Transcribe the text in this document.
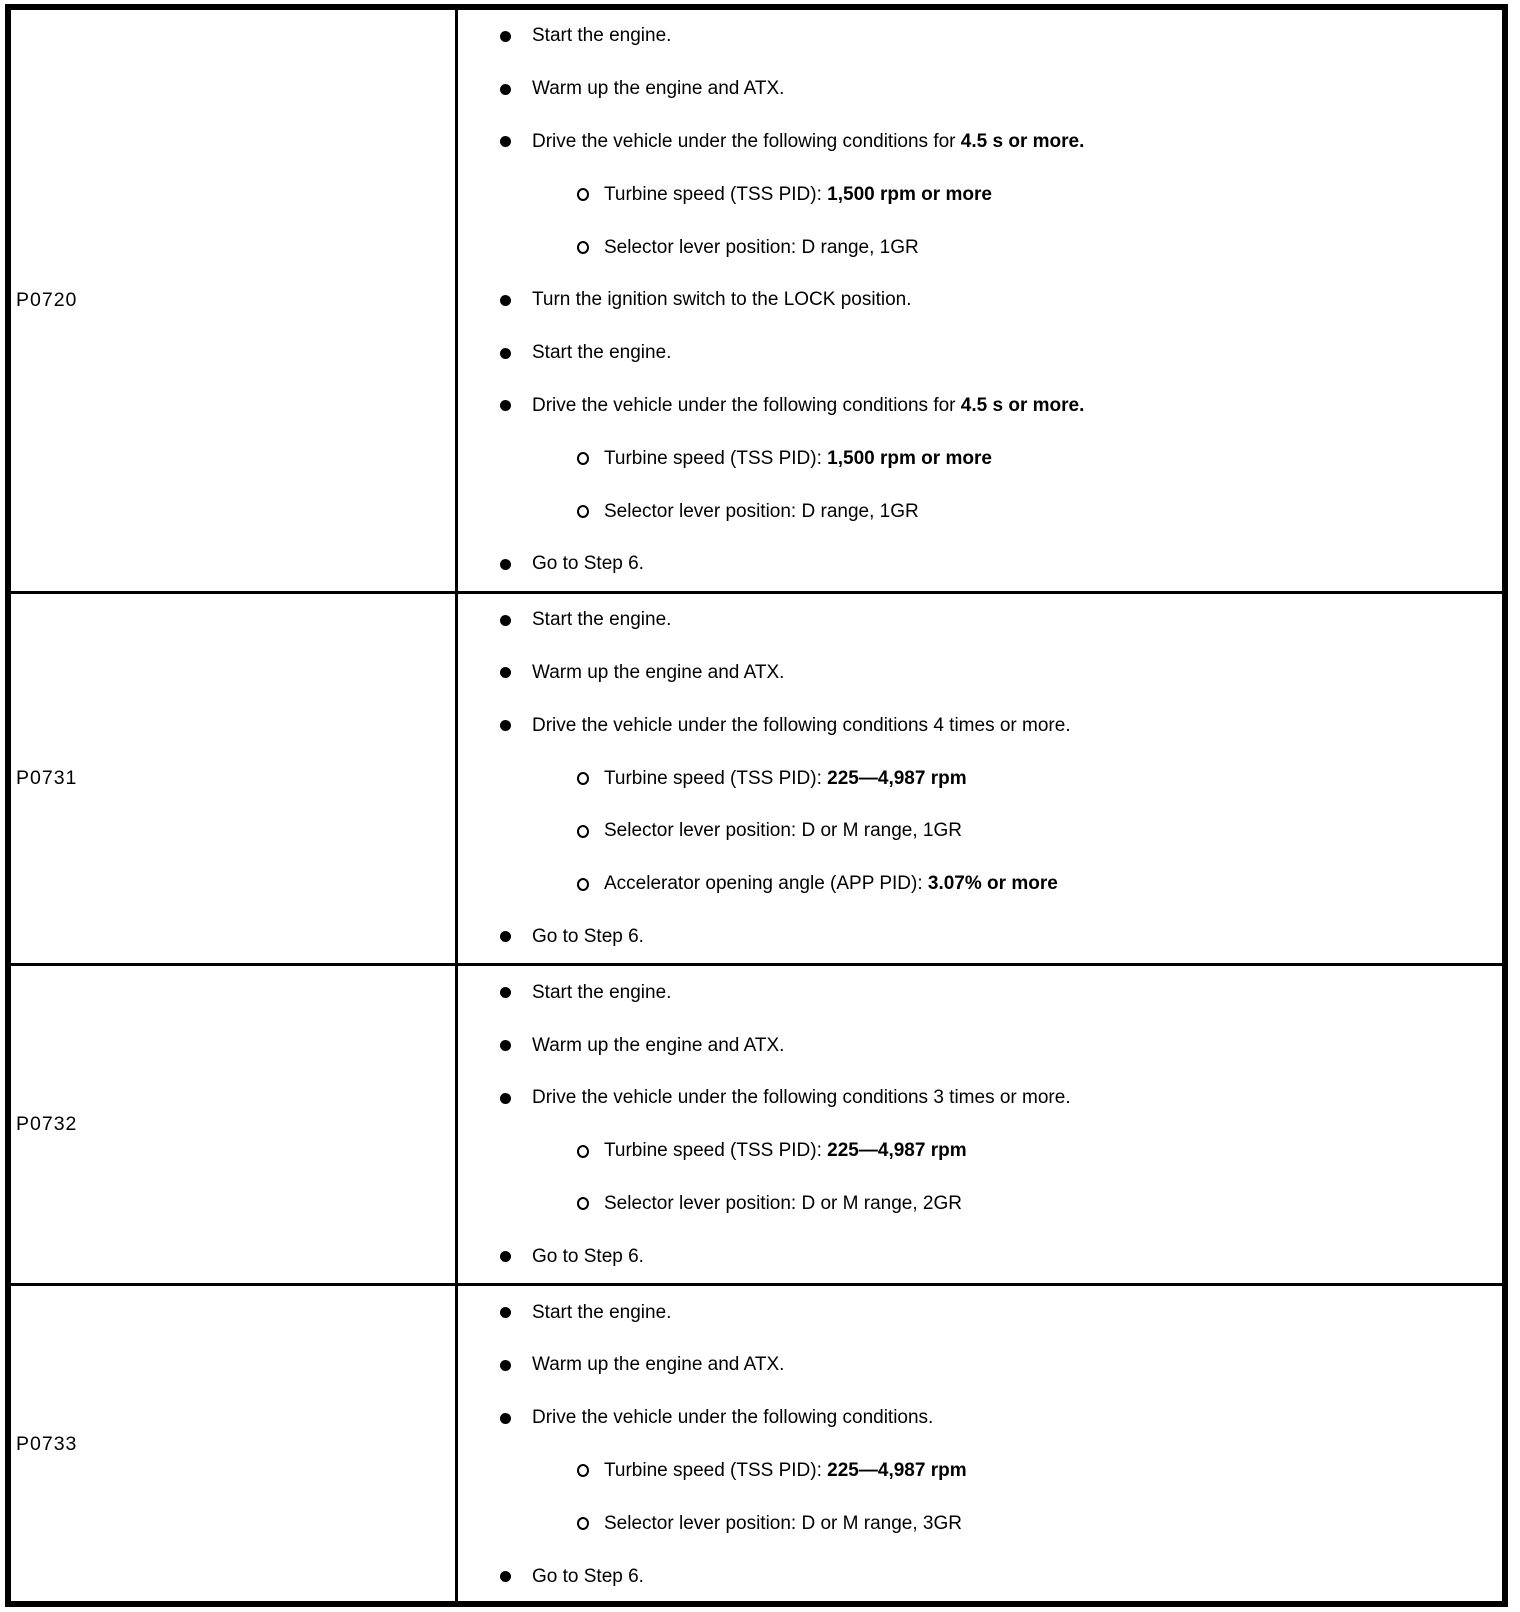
P0720
Start the engine.
Warm up the engine and ATX.
Drive the vehicle under the following conditions for 4.5 s or more.
Turbine speed (TSS PID): 1,500 rpm or more
Selector lever position: D range, 1GR
Turn the ignition switch to the LOCK position.
Start the engine.
Drive the vehicle under the following conditions for 4.5 s or more.
Turbine speed (TSS PID): 1,500 rpm or more
Selector lever position: D range, 1GR
Go to Step 6.
P0731
Start the engine.
Warm up the engine and ATX.
Drive the vehicle under the following conditions 4 times or more.
Turbine speed (TSS PID): 225—4,987 rpm
Selector lever position: D or M range, 1GR
Accelerator opening angle (APP PID): 3.07% or more
Go to Step 6.
P0732
Start the engine.
Warm up the engine and ATX.
Drive the vehicle under the following conditions 3 times or more.
Turbine speed (TSS PID): 225—4,987 rpm
Selector lever position: D or M range, 2GR
Go to Step 6.
P0733
Start the engine.
Warm up the engine and ATX.
Drive the vehicle under the following conditions.
Turbine speed (TSS PID): 225—4,987 rpm
Selector lever position: D or M range, 3GR
Go to Step 6.
